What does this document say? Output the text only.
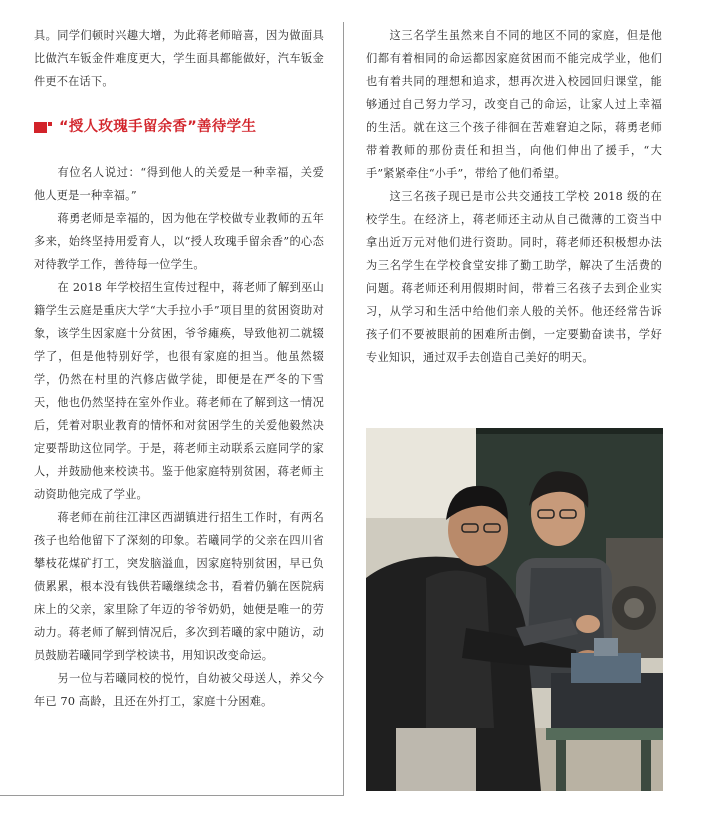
具。同学们顿时兴趣大增，为此蒋老师暗喜，因为做面具比做汽车钣金件难度更大，学生面具都能做好，汽车钣金件更不在话下。

“授人玫瑰手留余香”善待学生

有位名人说过：“得到他人的关爱是一种幸福，关爱他人更是一种幸福。”

蒋勇老师是幸福的，因为他在学校做专业教师的五年多来，始终坚持用爱育人，以“授人玫瑰手留余香”的心态对待教学工作，善待每一位学生。

在 2018 年学校招生宣传过程中，蒋老师了解到巫山籍学生云庭是重庆大学“大手拉小手”项目里的贫困资助对象，该学生因家庭十分贫困，爷爷瘫痪，导致他初二就辍学了，但是他特别好学，也很有家庭的担当。他虽然辍学，仍然在村里的汽修店做学徒，即便是在严冬的下雪天，他也仍然坚持在室外作业。蒋老师在了解到这一情况后，凭着对职业教育的情怀和对贫困学生的关爱他毅然决定要帮助这位同学。于是，蒋老师主动联系云庭同学的家人，并鼓励他来校读书。鉴于他家庭特别贫困，蒋老师主动资助他完成了学业。

蒋老师在前往江津区西湖镇进行招生工作时，有两名孩子也给他留下了深刻的印象。若曦同学的父亲在四川省攀枝花煤矿打工，突发脑溢血，因家庭特别贫困，早已负债累累，根本没有钱供若曦继续念书，看着仍躺在医院病床上的父亲，家里除了年迈的爷爷奶奶，她便是唯一的劳动力。蒋老师了解到情况后，多次到若曦的家中随访，动员鼓励若曦同学到学校读书，用知识改变命运。

另一位与若曦同校的悦竹，自幼被父母送人，养父今年已 70 高龄，且还在外打工，家庭十分困难。

这三名学生虽然来自不同的地区不同的家庭，但是他们都有着相同的命运都因家庭贫困而不能完成学业，他们也有着共同的理想和追求，想再次进入校园回归课堂，能够通过自己努力学习，改变自己的命运，让家人过上幸福的生活。就在这三个孩子徘徊在苦难窘迫之际，蒋勇老师带着教师的那份责任和担当，向他们伸出了援手，“大手”紧紧牵住“小手”，带给了他们希望。

这三名孩子现已是市公共交通技工学校 2018 级的在校学生。在经济上，蒋老师还主动从自己微薄的工资当中拿出近万元对他们进行资助。同时，蒋老师还积极想办法为三名学生在学校食堂安排了勤工助学，解决了生活费的问题。蒋老师还利用假期时间，带着三名孩子去到企业实习，从学习和生活中给他们亲人般的关怀。他还经常告诉孩子们不要被眼前的困难所击倒，一定要勤奋读书，学好专业知识，通过双手去创造自己美好的明天。
